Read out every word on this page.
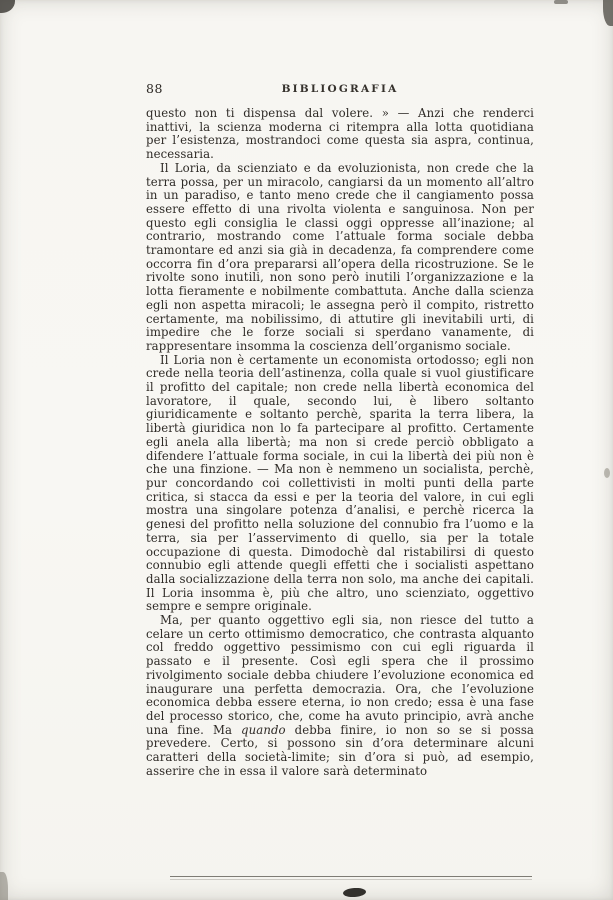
88	BIBLIOGRAFIA

questo non ti dispensa dal volere. » — Anzi che renderci inattivi, la scienza moderna ci ritempra alla lotta quotidiana per l’esistenza, mostrandoci come questa sia aspra, continua, necessaria.

Il Loria, da scienziato e da evoluzionista, non crede che la terra possa, per un miracolo, cangiarsi da un momento all’altro in un paradiso, e tanto meno crede che il cangiamento possa essere effetto di una rivolta violenta e sanguinosa. Non per questo egli consiglia le classi oggi oppresse all’inazione; al contrario, mostrando come l’attuale forma sociale debba tramontare ed anzi sia già in decadenza, fa comprendere come occorra fin d’ora prepararsi all’opera della ricostruzione. Se le rivolte sono inutili, non sono però inutili l’organizzazione e la lotta fieramente e nobilmente combattuta. Anche dalla scienza egli non aspetta miracoli; le assegna però il compito, ristretto certamente, ma nobilissimo, di attutire gli inevitabili urti, di impedire che le forze sociali si sperdano vanamente, di rappresentare insomma la coscienza dell’organismo sociale.

Il Loria non è certamente un economista ortodosso; egli non crede nella teoria dell’astinenza, colla quale si vuol giustificare il profitto del capitale; non crede nella libertà economica del lavoratore, il quale, secondo lui, è libero soltanto giuridicamente e soltanto perchè, sparita la terra libera, la libertà giuridica non lo fa partecipare al profitto. Certamente egli anela alla libertà; ma non si crede perciò obbligato a difendere l’attuale forma sociale, in cui la libertà dei più non è che una finzione. — Ma non è nemmeno un socialista, perchè, pur concordando coi collettivisti in molti punti della parte critica, si stacca da essi e per la teoria del valore, in cui egli mostra una singolare potenza d’analisi, e perchè ricerca la genesi del profitto nella soluzione del connubio fra l’uomo e la terra, sia per l’asservimento di quello, sia per la totale occupazione di questa. Dimodochè dal ristabilirsi di questo connubio egli attende quegli effetti che i socialisti aspettano dalla socializzazione della terra non solo, ma anche dei capitali. Il Loria insomma è, più che altro, uno scienziato, oggettivo sempre e sempre originale.

Ma, per quanto oggettivo egli sia, non riesce del tutto a celare un certo ottimismo democratico, che contrasta alquanto col freddo oggettivo pessimismo con cui egli riguarda il passato e il presente. Così egli spera che il prossimo rivolgimento sociale debba chiudere l’evoluzione economica ed inaugurare una perfetta democrazia. Ora, che l’evoluzione economica debba essere eterna, io non credo; essa è una fase del processo storico, che, come ha avuto principio, avrà anche una fine. Ma quando debba finire, io non so se si possa prevedere. Certo, si possono sin d’ora determinare alcuni caratteri della società-limite; sin d’ora si può, ad esempio, asserire che in essa il valore sarà determinato
